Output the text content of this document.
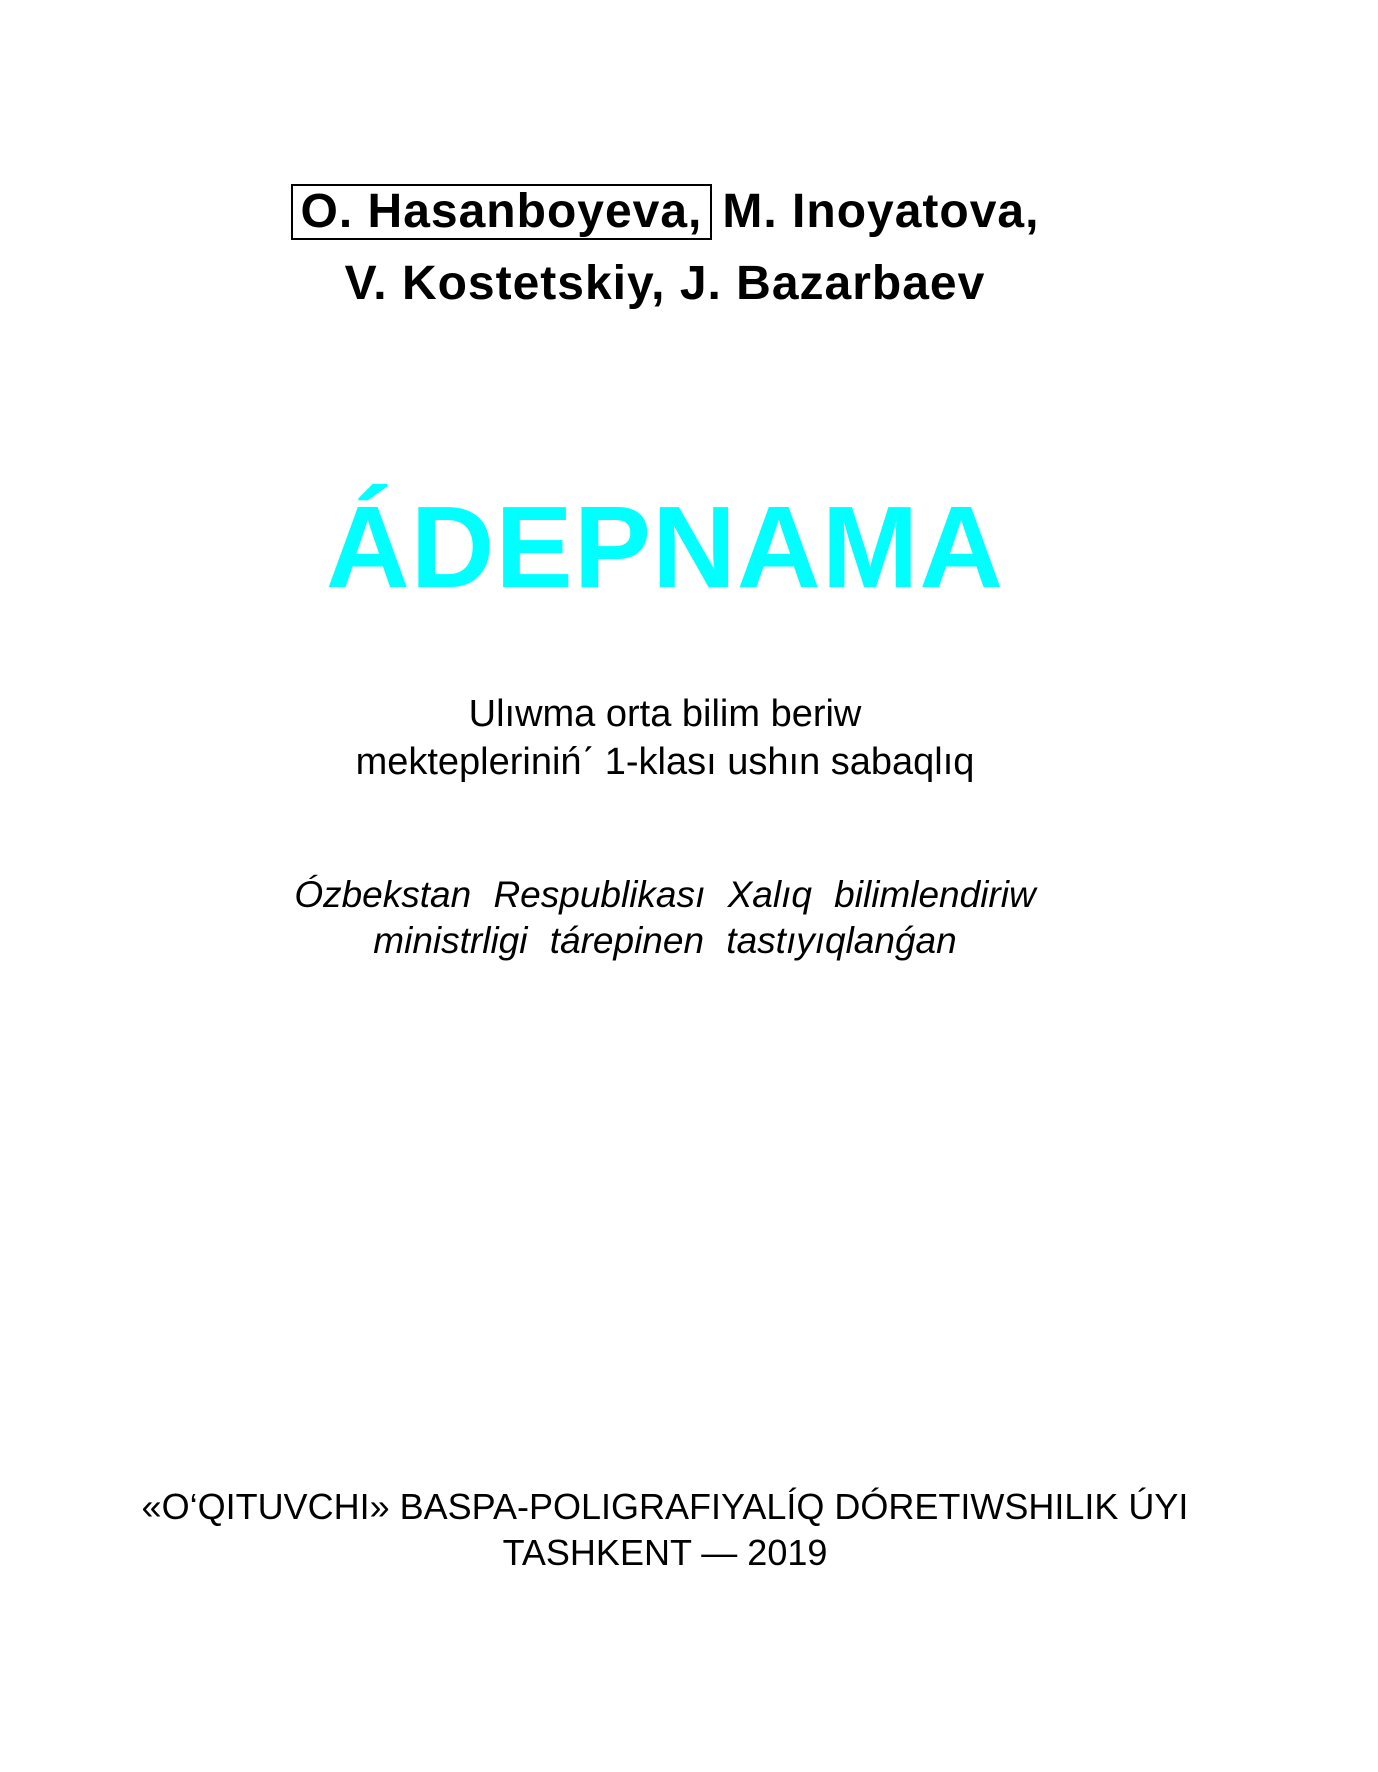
O. Hasanboyeva, M. Inoyatova,
V. Kostetskiy, J. Bazarbaev
ÁDEPNAMA
Ulıwma orta bilim beriw
mekteplerinińˊ 1-klası ushın sabaqlıq
Ózbekstan Respublikası Xalıq bilimlendiriw
ministrligi tárepinen tastıyıqlanǵan
«O‘QITUVCHI» BASPA-POLIGRAFIYALÍQ DÓRETIWSHILIK ÚYI
TASHKENT — 2019
